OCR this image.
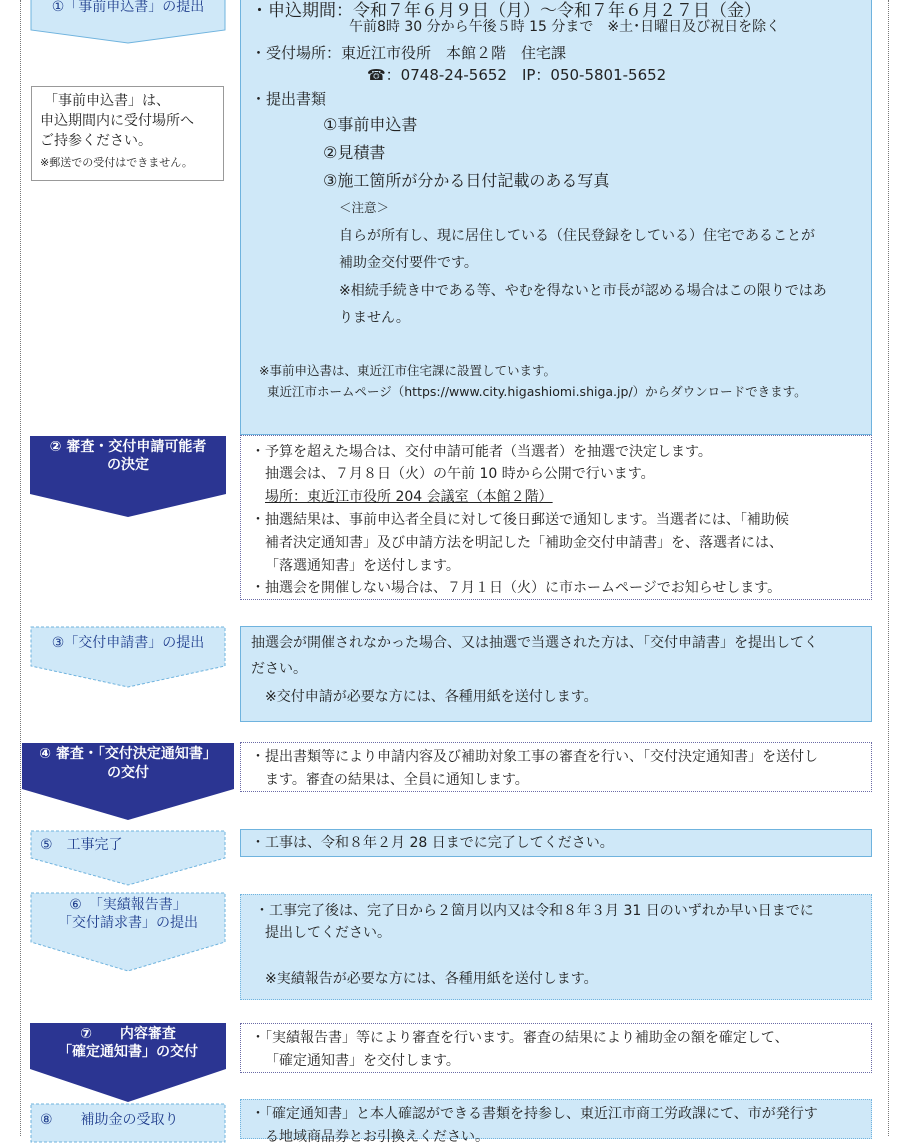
①「事前申込書」の提出
「事前申込書」は、
申込期間内に受付場所へ
ご持参ください。
※郵送での受付はできません。
・申込期間：令和７年６月９日（月）～令和７年６月２７日（金）
午前8時 30 分から午後５時 15 分まで　※土･日曜日及び祝日を除く
・受付場所：東近江市役所　本館２階　住宅課
☎：0748‐24‐5652　IP：050‐5801‐5652
・提出書類
①事前申込書
②見積書
③施工箇所が分かる日付記載のある写真
＜注意＞
自らが所有し、現に居住している（住民登録をしている）住宅であることが
補助金交付要件です。
※相続手続き中である等、やむを得ないと市長が認める場合はこの限りではあ
りません。
※事前申込書は、東近江市住宅課に設置しています。
東近江市ホームページ（https://www.city.higashiomi.shiga.jp/）からダウンロードできます。
② 審査・交付申請可能者
の決定
・予算を超えた場合は、交付申請可能者（当選者）を抽選で決定します。
抽選会は、７月８日（火）の午前 10 時から公開で行います。
場所：東近江市役所 204 会議室（本館２階）
・抽選結果は、事前申込者全員に対して後日郵送で通知します。当選者には、「補助候
補者決定通知書」及び申請方法を明記した「補助金交付申請書」を、落選者には、
「落選通知書」を送付します。
・抽選会を開催しない場合は、７月１日（火）に市ホームページでお知らせします。
③「交付申請書」の提出	抽選会が開催されなかった場合、又は抽選で当選された方は、「交付申請書」を提出してく
ださい。
※交付申請が必要な方には、各種用紙を送付します。
④ 審査・「交付決定通知書」
の交付
・提出書類等により申請内容及び補助対象工事の審査を行い、「交付決定通知書」を送付し
ます。審査の結果は、全員に通知します。
⑤　工事完了	・工事は、令和８年２月 28 日までに完了してください。
⑥　「実績報告書」
「交付請求書」の提出
・工事完了後は、完了日から２箇月以内又は令和８年３月 31 日のいずれか早い日までに
提出してください。
※実績報告が必要な方には、各種用紙を送付します。
⑦　　内容審査
「確定通知書」の交付
・「実績報告書」等により審査を行います。審査の結果により補助金の額を確定して、
「確定通知書」を交付します。
⑧　　補助金の受取り	・「確定通知書」と本人確認ができる書類を持参し、東近江市商工労政課にて、市が発行す
る地域商品券とお引換えください。
